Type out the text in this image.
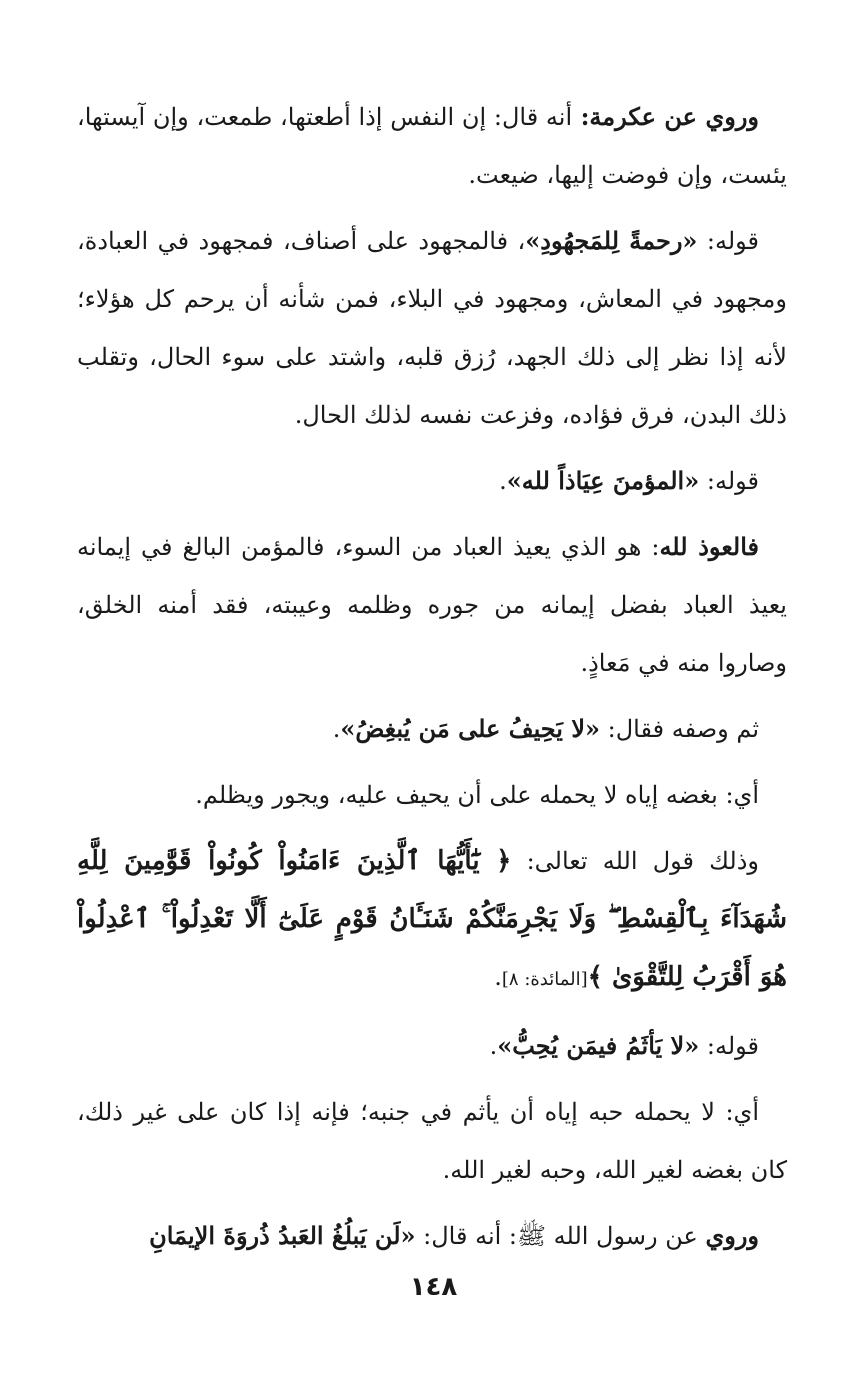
وروي عن عكرمة: أنه قال: إن النفس إذا أطعتها، طمعت، وإن آيستها، يئست، وإن فوضت إليها، ضيعت.

قوله: «رحمةً لِلمَجهُودِ»، فالمجهود على أصناف، فمجهود في العبادة، ومجهود في المعاش، ومجهود في البلاء، فمن شأنه أن يرحم كل هؤلاء؛ لأنه إذا نظر إلى ذلك الجهد، رُزق قلبه، واشتد على سوء الحال، وتقلب ذلك البدن، فرق فؤاده، وفزعت نفسه لذلك الحال.

قوله: «المؤمنَ عِيَاذاً لله».

فالعوذ لله: هو الذي يعيذ العباد من السوء، فالمؤمن البالغ في إيمانه يعيذ العباد بفضل إيمانه من جوره وظلمه وعيبته، فقد أمنه الخلق، وصاروا منه في مَعاذٍ.

ثم وصفه فقال: «لا يَحِيفُ على مَن يُبغِضُ».

أي: بغضه إياه لا يحمله على أن يحيف عليه، ويجور ويظلم.

وذلك قول الله تعالى: ﴿ يَٰٓأَيُّهَا ٱلَّذِينَ ءَامَنُواْ كُونُواْ قَوَّٰمِينَ لِلَّهِ شُهَدَآءَ بِٱلْقِسْطِ ۖ وَلَا يَجْرِمَنَّكُمْ شَنَـَٔانُ قَوْمٍ عَلَىٰٓ أَلَّا تَعْدِلُواْ ۚ ٱعْدِلُواْ هُوَ أَقْرَبُ لِلتَّقْوَىٰ ﴾[المائدة: ٨].

قوله: «لا يَأثَمُ فيمَن يُحِبُّ».

أي: لا يحمله حبه إياه أن يأثم في جنبه؛ فإنه إذا كان على غير ذلك، كان بغضه لغير الله، وحبه لغير الله.

وروي عن رسول الله ﷺ: أنه قال: «لَن يَبلُغُ العَبدُ ذُروَةَ الإيمَانِ

١٤٨
